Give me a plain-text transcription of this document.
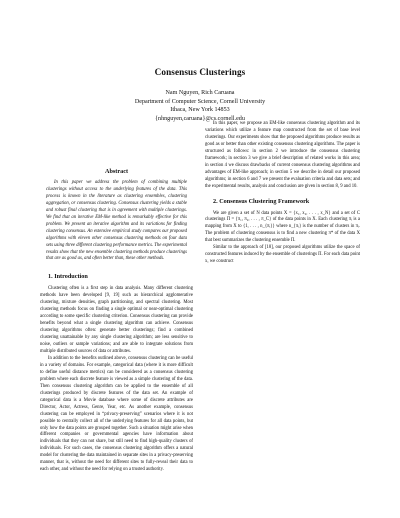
Consensus Clusterings
Nam Nguyen, Rich Caruana
Department of Computer Science, Cornell University
Ithaca, New York 14853
{nhnguyen,caruana}@cs.cornell.edu
Abstract

In this paper we address the problem of combining multiple clusterings without access to the underlying features of the data. This process is known in the literature as clustering ensembles, clustering aggregation, or consensus clustering. Consensus clustering yields a stable and robust final clustering that is in agreement with multiple clusterings. We find that an iterative EM-like method is remarkably effective for this problem. We present an iterative algorithm and its variations for finding clustering consensus. An extensive empirical study compares our proposed algorithms with eleven other consensus clustering methods on four data sets using three different clustering performance metrics. The experimental results show that the new ensemble clustering methods produce clusterings that are as good as, and often better than, these other methods.

1. Introduction

Clustering often is a first step in data analysis. Many different clustering methods have been developed [9, 19] such as hierarchical agglomerative clustering, mixture densities, graph partitioning, and spectral clustering. Most clustering methods focus on finding a single optimal or near-optimal clustering according to some specific clustering criterion. Consensus clustering can provide benefits beyond what a single clustering algorithm can achieve. Consensus clustering algorithms often: generate better clusterings; find a combined clustering unattainable by any single clustering algorithm; are less sensitive to noise, outliers or sample variations; and are able to integrate solutions from multiple distributed sources of data or attributes.

In addition to the benefits outlined above, consensus clustering can be useful in a variety of domains. For example, categorical data (where it is more difficult to define useful distance metrics) can be considered as a consensus clustering problem where each discrete feature is viewed as a simple clustering of the data. Then consensus clustering algorithm can be applied to the ensemble of all clusterings produced by discrete features of the data set. An example of categorical data is a Movie database where some of discrete attributes are Director, Actor, Actress, Genre, Year, etc. As another example, consensus clustering can be employed in “privacy-preserving” scenarios where it is not possible to centrally collect all of the underlying features for all data points, but only how the data points are grouped together. Such a situation might arise when different companies or governmental agencies have information about individuals that they can not share, but still need to find high-quality clusters of individuals. For such cases, the consensus clustering algorithm offers a natural model for clustering the data maintained in separate sites in a privacy-preserving manner, that is, without the need for different sites to fully-reveal their data to each other, and without the need for relying on a trusted authority.

In this paper, we propose an EM-like consensus clustering algorithm and its variations which utilize a feature map constructed from the set of base level clusterings. Our experiments show that the proposed algorithms produce results as good as or better than other existing consensus clustering algorithms. The paper is structured as follows: in section 2 we introduce the consensus clustering framework; in section 3 we give a brief description of related works in this area; in section 4 we discuss drawbacks of current consensus clustering algorithms and advantages of EM-like approach; in section 5 we describe in detail our proposed algorithms; in section 6 and 7 we present the evaluation criteria and data sets; and the experimental results, analysis and conclusion are given in section 8, 9 and 10.

2. Consensus Clustering Framework

We are given a set of N data points X = {x₁, x₂, . . . , x_N} and a set of C clusterings Π = {π₁, π₂, . . . , π_C} of the data points in X. Each clustering πᵢ is a mapping from X to {1, . . . , n_{πᵢ}} where n_{πᵢ} is the number of clusters in πᵢ. The problem of clustering consensus is to find a new clustering π* of the data X that best summarizes the clustering ensemble Π.

Similar to the approach of [18], our proposed algorithms utilize the space of constructed features induced by the ensemble of clusterings Π. For each data point x, we construct
